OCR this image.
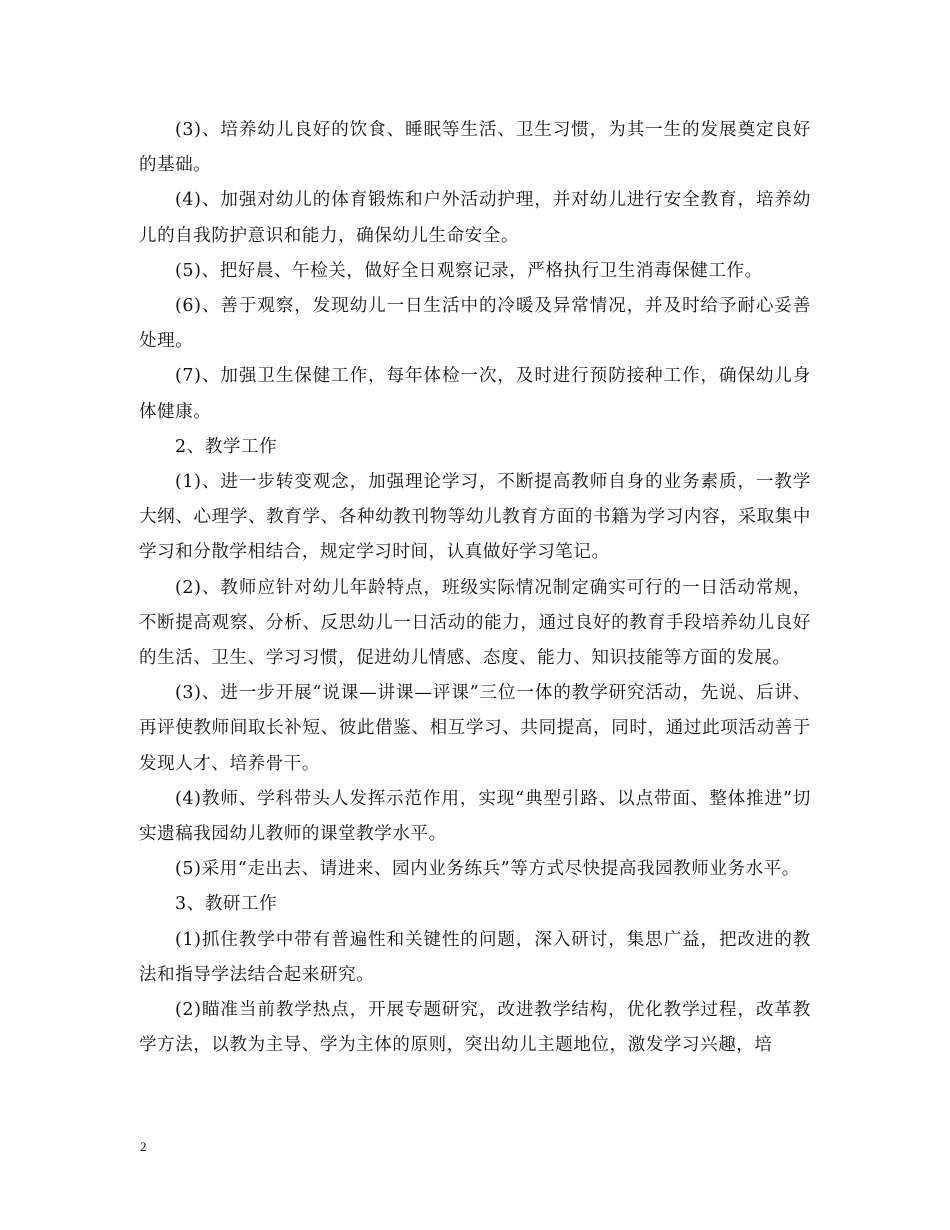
(3)、培养幼儿良好的饮食、睡眠等生活、卫生习惯，为其一生的发展奠定良好的基础。

(4)、加强对幼儿的体育锻炼和户外活动护理，并对幼儿进行安全教育，培养幼儿的自我防护意识和能力，确保幼儿生命安全。

(5)、把好晨、午检关，做好全日观察记录，严格执行卫生消毒保健工作。

(6)、善于观察，发现幼儿一日生活中的冷暖及异常情况，并及时给予耐心妥善处理。

(7)、加强卫生保健工作，每年体检一次，及时进行预防接种工作，确保幼儿身体健康。

2、教学工作

(1)、进一步转变观念，加强理论学习，不断提高教师自身的业务素质，一教学大纲、心理学、教育学、各种幼教刊物等幼儿教育方面的书籍为学习内容，采取集中学习和分散学相结合，规定学习时间，认真做好学习笔记。

(2)、教师应针对幼儿年龄特点，班级实际情况制定确实可行的一日活动常规，不断提高观察、分析、反思幼儿一日活动的能力，通过良好的教育手段培养幼儿良好的生活、卫生、学习习惯，促进幼儿情感、态度、能力、知识技能等方面的发展。

(3)、进一步开展“说课—讲课—评课”三位一体的教学研究活动，先说、后讲、再评使教师间取长补短、彼此借鉴、相互学习、共同提高，同时，通过此项活动善于发现人才、培养骨干。

(4)教师、学科带头人发挥示范作用，实现“典型引路、以点带面、整体推进”切实遗稿我园幼儿教师的课堂教学水平。

(5)采用“走出去、请进来、园内业务练兵”等方式尽快提高我园教师业务水平。

3、教研工作

(1)抓住教学中带有普遍性和关键性的问题，深入研讨，集思广益，把改进的教法和指导学法结合起来研究。

(2)瞄准当前教学热点，开展专题研究，改进教学结构，优化教学过程，改革教学方法，以教为主导、学为主体的原则，突出幼儿主题地位，激发学习兴趣，培

2
